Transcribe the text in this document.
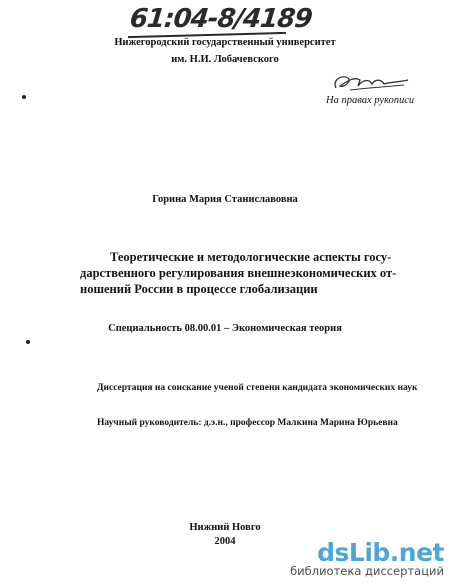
61:04-8/4189
Нижегородский государственный университет
им. Н.И. Лобачевского
На правах рукописи
Горина Мария Станиславовна
Теоретические и методологические аспекты госу-
дарственного регулирования внешнеэкономических от-
ношений России в процессе глобализации
Специальность 08.00.01 – Экономическая теория
Диссертация на соискание ученой степени кандидата экономических наук
Научный руководитель: д.э.н., профессор Малкина Марина Юрьевна
Нижний Новго
2004	dsLib.net
библиотека диссертаций
